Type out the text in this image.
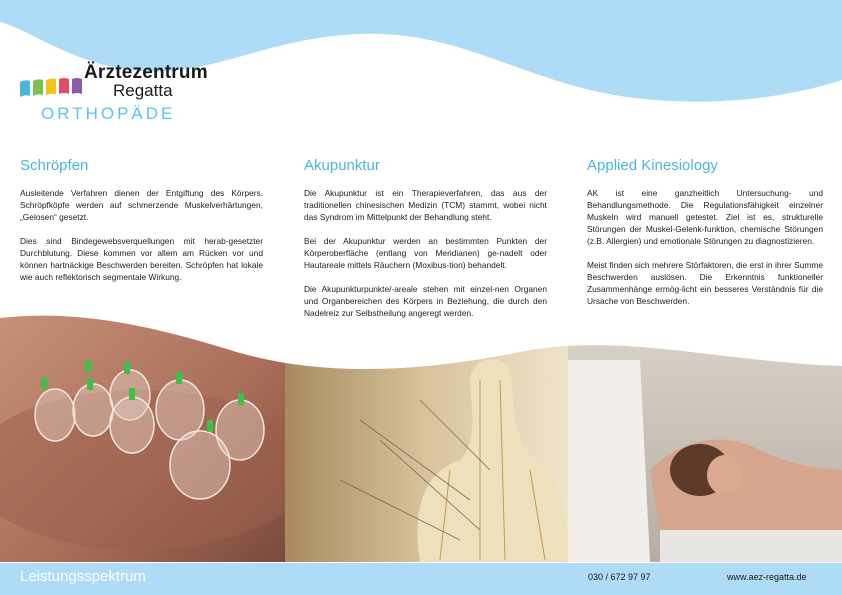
Ärztezentrum
Regatta
ORTHOPÄDE
Schröpfen

Ausleitende Verfahren dienen der Entgiftung des Körpers. Schröpfköpfe werden auf schmerzende Muskelverhärtungen, „Gelosen“ gesetzt.

Dies sind Bindegewebsverquellungen mit herab-gesetzter Durchblutung. Diese kommen vor allem am Rücken vor und können hartnäckige Beschwerden bereiten. Schröpfen hat lokale wie auch reflektorisch segmentale Wirkung.

Akupunktur

Die Akupunktur ist ein Therapieverfahren, das aus der traditionellen chinesischen Medizin (TCM) stammt, wobei nicht das Syndrom im Mittelpunkt der Behandlung steht.

Bei der Akupunktur werden an bestimmten Punkten der Körperoberfläche (entlang von Meridianen) ge-nadelt oder Hautareale mittels Räuchern (Moxibus-tion) behandelt.

Die Akupunkturpunkte/-areale stehen mit einzel-nen Organen und Organbereichen des Körpers in Beziehung, die durch den Nadelreiz zur Selbstheilung angeregt werden.

Applied Kinesiology

AK ist eine ganzheitlich Untersuchung- und Behandlungsmethode. Die Regulationsfähigkeit einzelner Muskeln wird manuell getestet. Ziel ist es, strukturelle Störungen der Muskel-Gelenk-funktion, chemische Störungen (z.B. Allergien) und emotionale Störungen zu diagnostizieren.

Meist finden sich mehrere Störfaktoren, die erst in ihrer Summe Beschwerden auslösen. Die Erkenntnis funktioneller Zusammenhänge ermög-licht ein besseres Verständnis für die Ursache von Beschwerden.

Leistungsspektrum	030 / 672 97 97	www.aez-regatta.de
